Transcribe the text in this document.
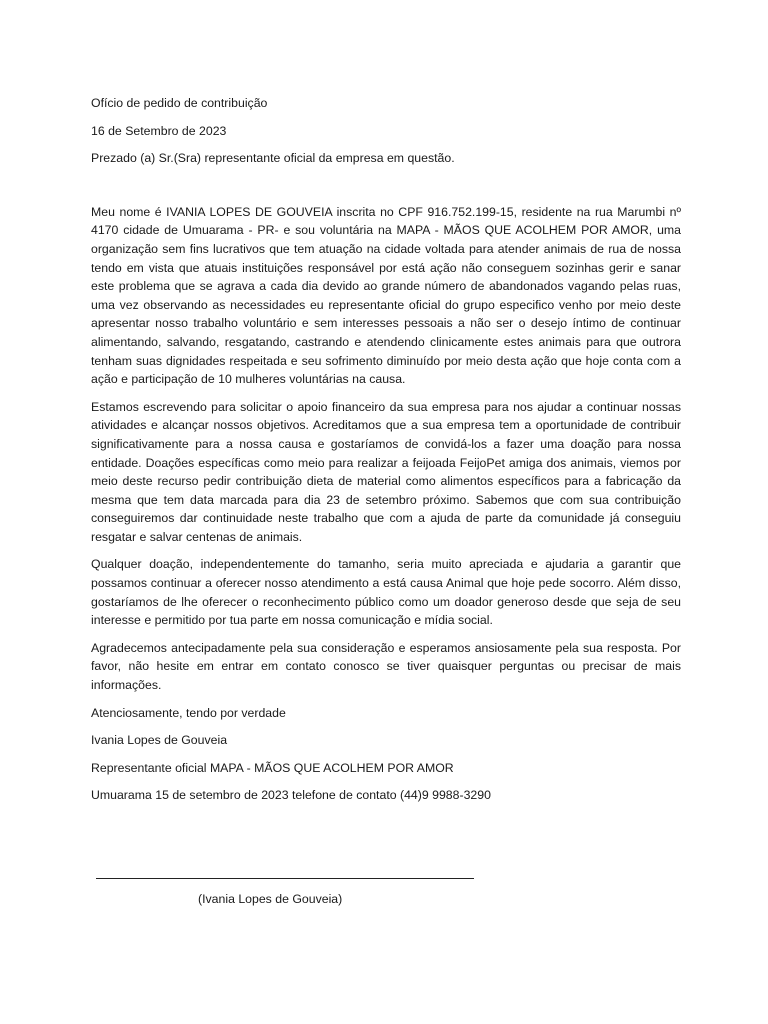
Ofício de pedido de contribuição

16 de Setembro de 2023

Prezado (a) Sr.(Sra) representante oficial da empresa em questão.

Meu nome é IVANIA LOPES DE GOUVEIA inscrita no CPF 916.752.199-15, residente na rua Marumbi nº 4170 cidade de Umuarama - PR- e sou voluntária na MAPA - MÃOS QUE ACOLHEM POR AMOR, uma organização sem fins lucrativos que tem atuação na cidade voltada para atender animais de rua de nossa tendo em vista que atuais instituições responsável por está ação não conseguem sozinhas gerir e sanar este problema que se agrava a cada dia devido ao grande número de abandonados vagando pelas ruas, uma vez observando as necessidades eu representante oficial do grupo especifico venho por meio deste apresentar nosso trabalho voluntário e sem interesses pessoais a não ser o desejo íntimo de continuar alimentando, salvando, resgatando, castrando e atendendo clinicamente estes animais para que outrora tenham suas dignidades respeitada e seu sofrimento diminuído por meio desta ação que hoje conta com a ação e participação de 10 mulheres voluntárias na causa.

Estamos escrevendo para solicitar o apoio financeiro da sua empresa para nos ajudar a continuar nossas atividades e alcançar nossos objetivos. Acreditamos que a sua empresa tem a oportunidade de contribuir significativamente para a nossa causa e gostaríamos de convidá-los a fazer uma doação para nossa entidade. Doações específicas como meio para realizar a feijoada FeijoPet amiga dos animais, viemos por meio deste recurso pedir contribuição dieta de material como alimentos específicos para a fabricação da mesma que tem data marcada para dia 23 de setembro próximo. Sabemos que com sua contribuição conseguiremos dar continuidade neste trabalho que com a ajuda de parte da comunidade já conseguiu resgatar e salvar centenas de animais.

Qualquer doação, independentemente do tamanho, seria muito apreciada e ajudaria a garantir que possamos continuar a oferecer nosso atendimento a está causa Animal que hoje pede socorro. Além disso, gostaríamos de lhe oferecer o reconhecimento público como um doador generoso desde que seja de seu interesse e permitido por tua parte em nossa comunicação e mídia social.

Agradecemos antecipadamente pela sua consideração e esperamos ansiosamente pela sua resposta. Por favor, não hesite em entrar em contato conosco se tiver quaisquer perguntas ou precisar de mais informações.

Atenciosamente, tendo por verdade

Ivania Lopes de Gouveia

Representante oficial MAPA - MÃOS QUE ACOLHEM POR AMOR

Umuarama 15 de setembro de 2023 telefone de contato (44)9 9988-3290

(Ivania Lopes de Gouveia)
